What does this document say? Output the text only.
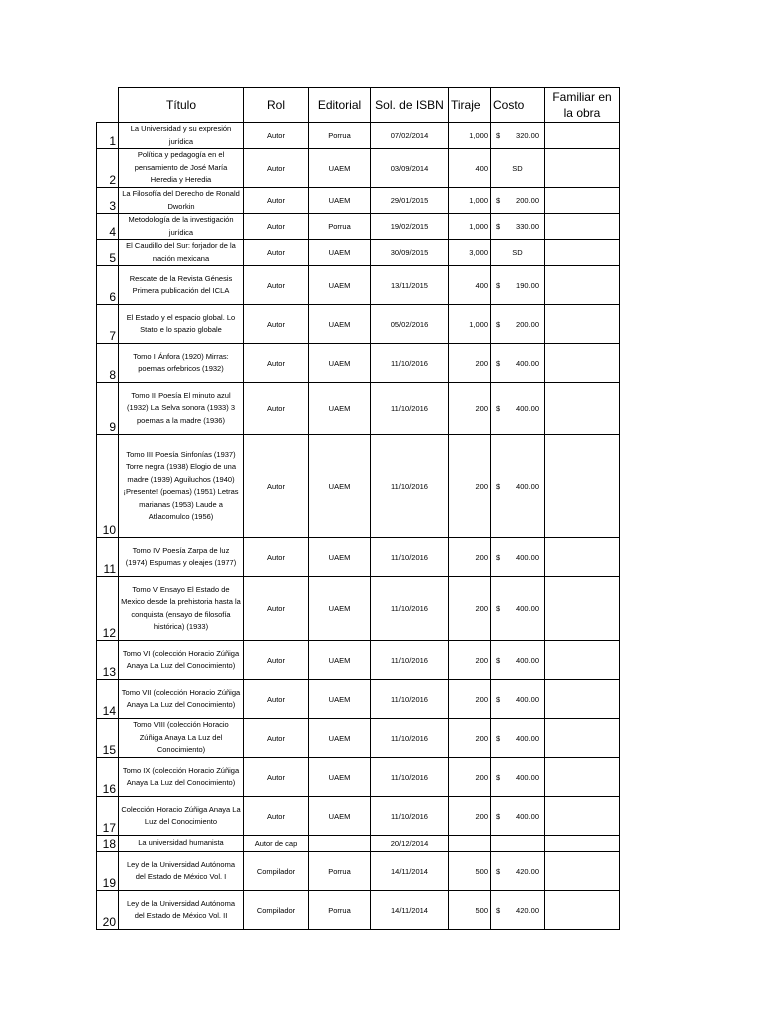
	Título	Rol	Editorial	Sol. de ISBN	Tiraje	Costo	Familiar en la obra
1	La Universidad y su expresión jurídica	Autor	Porrua	07/02/2014	1,000	$ 320.00	

2	Política y pedagogía en el pensamiento de José María Heredia y Heredia	Autor	UAEM	03/09/2014	400	SD	

3	La Filosofía del Derecho de Ronald Dworkin	Autor	UAEM	29/01/2015	1,000	$ 200.00	

4	Metodología de la investigación jurídica	Autor	Porrua	19/02/2015	1,000	$ 330.00	

5	El Caudillo del Sur: forjador de la nación mexicana	Autor	UAEM	30/09/2015	3,000	SD	

6	Rescate de la Revista Génesis Primera publicación del ICLA	Autor	UAEM	13/11/2015	400	$ 190.00	

7	El Estado y el espacio global. Lo Stato e lo spazio globale	Autor	UAEM	05/02/2016	1,000	$ 200.00	

8	Tomo I Ánfora (1920) Mirras: poemas orfebricos (1932)	Autor	UAEM	11/10/2016	200	$ 400.00	

9	Tomo II Poesía El minuto azul (1932) La Selva sonora (1933) 3 poemas a la madre (1936)	Autor	UAEM	11/10/2016	200	$ 400.00	

10	Tomo III Poesía Sinfonías (1937) Torre negra (1938) Elogio de una madre (1939) Aguiluchos (1940) ¡Presente! (poemas) (1951) Letras marianas (1953) Laude a Atlacomulco (1956)	Autor	UAEM	11/10/2016	200	$ 400.00	

11	Tomo IV Poesía Zarpa de luz (1974) Espumas y oleajes (1977)	Autor	UAEM	11/10/2016	200	$ 400.00	

12	Tomo V Ensayo El Estado de Mexico desde la prehistoria hasta la conquista (ensayo de filosofía histórica) (1933)	Autor	UAEM	11/10/2016	200	$ 400.00	

13	Tomo VI (colección Horacio Zúñiga Anaya La Luz del Conocimiento)	Autor	UAEM	11/10/2016	200	$ 400.00	

14	Tomo VII (colección Horacio Zúñiga Anaya La Luz del Conocimiento)	Autor	UAEM	11/10/2016	200	$ 400.00	

15	Tomo VIII (colección Horacio Zúñiga Anaya La Luz del Conocimiento)	Autor	UAEM	11/10/2016	200	$ 400.00	

16	Tomo IX (colección Horacio Zúñiga Anaya La Luz del Conocimiento)	Autor	UAEM	11/10/2016	200	$ 400.00	

17	Colección Horacio Zúñiga Anaya La Luz del Conocimiento	Autor	UAEM	11/10/2016	200	$ 400.00	

18	La universidad humanista	Autor de cap		20/12/2014		

19	Ley de la Universidad Autónoma del Estado de México Vol. I	Compilador	Porrua	14/11/2014	500	$ 420.00	

20	Ley de la Universidad Autónoma del Estado de México Vol. II	Compilador	Porrua	14/11/2014	500	$ 420.00	
